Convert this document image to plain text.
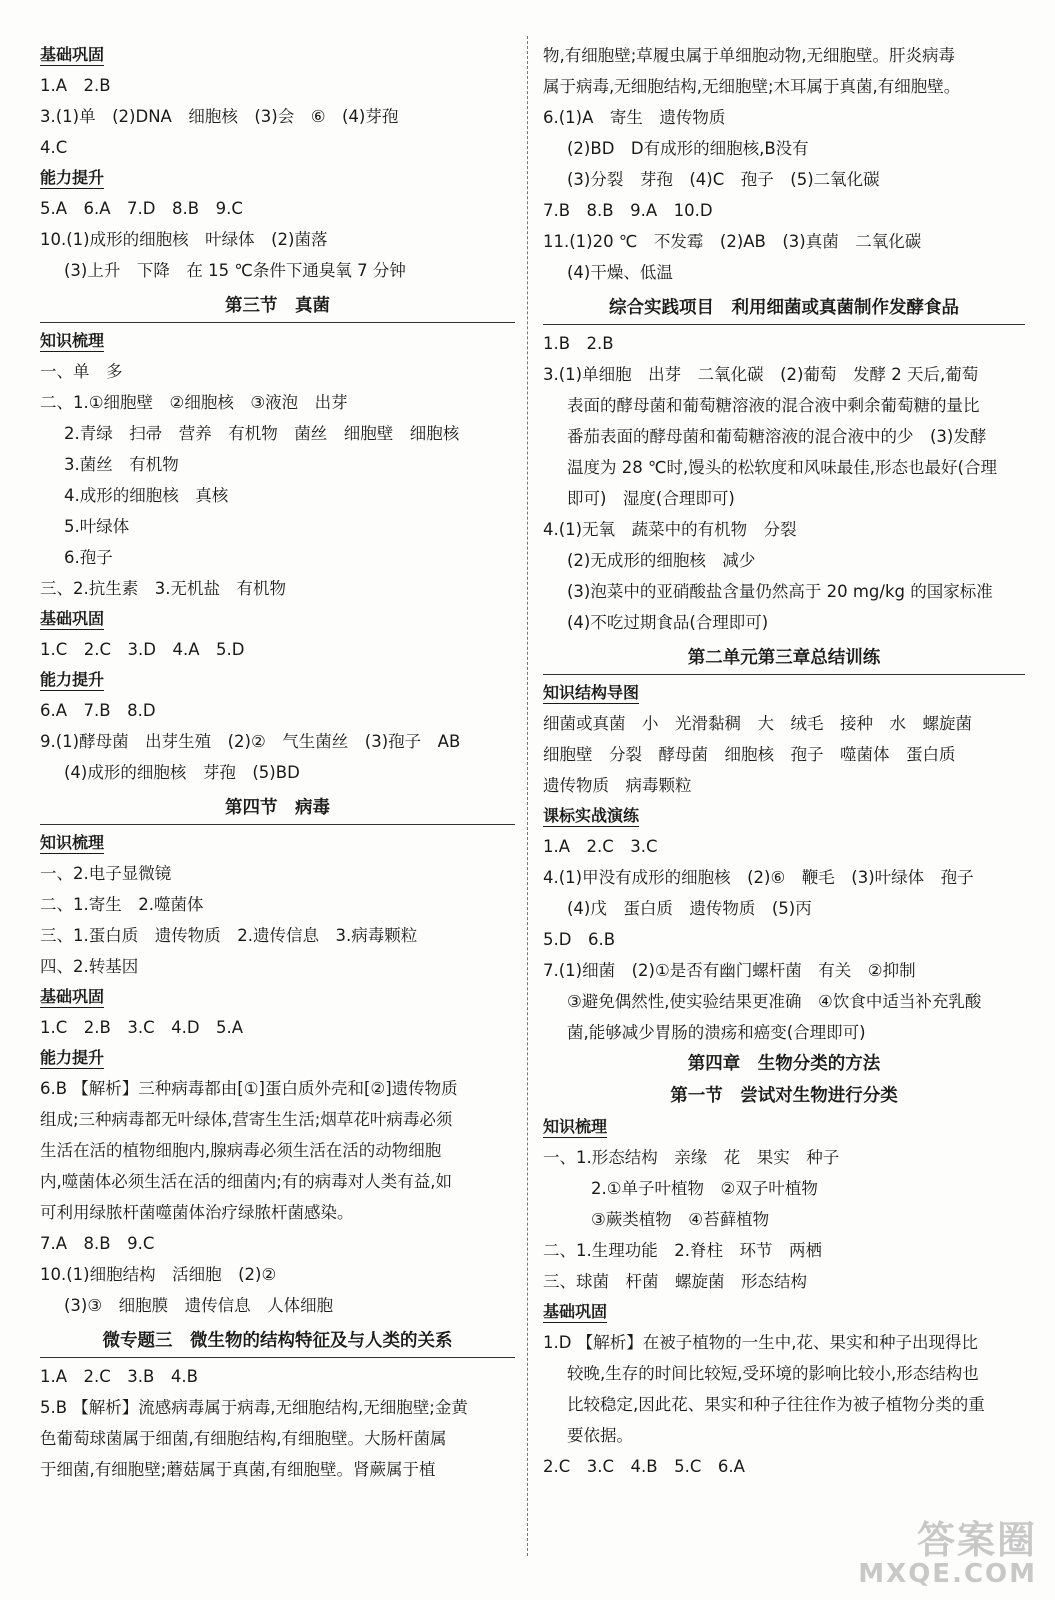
基础巩固
1.A　2.B
3.(1)单　(2)DNA　细胞核　(3)会　⑥　(4)芽孢
4.C
能力提升
5.A　6.A　7.D　8.B　9.C
10.(1)成形的细胞核　叶绿体　(2)菌落
(3)上升　下降　在 15 ℃条件下通臭氧 7 分钟
第三节　真菌
知识梳理
一、单　多
二、1.①细胞壁　②细胞核　③液泡　出芽
2.青绿　扫帚　营养　有机物　菌丝　细胞壁　细胞核
3.菌丝　有机物
4.成形的细胞核　真核
5.叶绿体
6.孢子
三、2.抗生素　3.无机盐　有机物
基础巩固
1.C　2.C　3.D　4.A　5.D
能力提升
6.A　7.B　8.D
9.(1)酵母菌　出芽生殖　(2)②　气生菌丝　(3)孢子　AB
(4)成形的细胞核　芽孢　(5)BD
第四节　病毒
知识梳理
一、2.电子显微镜
二、1.寄生　2.噬菌体
三、1.蛋白质　遗传物质　2.遗传信息　3.病毒颗粒
四、2.转基因
基础巩固
1.C　2.B　3.C　4.D　5.A
能力提升
6.B 【解析】三种病毒都由[①]蛋白质外壳和[②]遗传物质
组成;三种病毒都无叶绿体,营寄生生活;烟草花叶病毒必须
生活在活的植物细胞内,腺病毒必须生活在活的动物细胞
内,噬菌体必须生活在活的细菌内;有的病毒对人类有益,如
可利用绿脓杆菌噬菌体治疗绿脓杆菌感染。
7.A　8.B　9.C
10.(1)细胞结构　活细胞　(2)②
(3)③　细胞膜　遗传信息　人体细胞
微专题三　微生物的结构特征及与人类的关系
1.A　2.C　3.B　4.B
5.B 【解析】流感病毒属于病毒,无细胞结构,无细胞壁;金黄
色葡萄球菌属于细菌,有细胞结构,有细胞壁。大肠杆菌属
于细菌,有细胞壁;蘑菇属于真菌,有细胞壁。肾蕨属于植
物,有细胞壁;草履虫属于单细胞动物,无细胞壁。肝炎病毒
属于病毒,无细胞结构,无细胞壁;木耳属于真菌,有细胞壁。
6.(1)A　寄生　遗传物质
(2)BD　D有成形的细胞核,B没有
(3)分裂　芽孢　(4)C　孢子　(5)二氧化碳
7.B　8.B　9.A　10.D
11.(1)20 ℃　不发霉　(2)AB　(3)真菌　二氧化碳
(4)干燥、低温
综合实践项目　利用细菌或真菌制作发酵食品
1.B　2.B
3.(1)单细胞　出芽　二氧化碳　(2)葡萄　发酵 2 天后,葡萄
表面的酵母菌和葡萄糖溶液的混合液中剩余葡萄糖的量比
番茄表面的酵母菌和葡萄糖溶液的混合液中的少　(3)发酵
温度为 28 ℃时,馒头的松软度和风味最佳,形态也最好(合理
即可)　湿度(合理即可)
4.(1)无氧　蔬菜中的有机物　分裂
(2)无成形的细胞核　减少
(3)泡菜中的亚硝酸盐含量仍然高于 20 mg/kg 的国家标准
(4)不吃过期食品(合理即可)
第二单元第三章总结训练
知识结构导图
细菌或真菌　小　光滑黏稠　大　绒毛　接种　水　螺旋菌
细胞壁　分裂　酵母菌　细胞核　孢子　噬菌体　蛋白质
遗传物质　病毒颗粒
课标实战演练
1.A　2.C　3.C
4.(1)甲没有成形的细胞核　(2)⑥　鞭毛　(3)叶绿体　孢子
(4)戊　蛋白质　遗传物质　(5)丙
5.D　6.B
7.(1)细菌　(2)①是否有幽门螺杆菌　有关　②抑制
③避免偶然性,使实验结果更准确　④饮食中适当补充乳酸
菌,能够减少胃肠的溃疡和癌变(合理即可)
第四章　生物分类的方法
第一节　尝试对生物进行分类
知识梳理
一、1.形态结构　亲缘　花　果实　种子
2.①单子叶植物　②双子叶植物
③蕨类植物　④苔藓植物
二、1.生理功能　2.脊柱　环节　两栖
三、球菌　杆菌　螺旋菌　形态结构
基础巩固
1.D 【解析】在被子植物的一生中,花、果实和种子出现得比
较晚,生存的时间比较短,受环境的影响比较小,形态结构也
比较稳定,因此花、果实和种子往往作为被子植物分类的重
要依据。
2.C　3.C　4.B　5.C　6.A
答案圈
MXQE.COM
